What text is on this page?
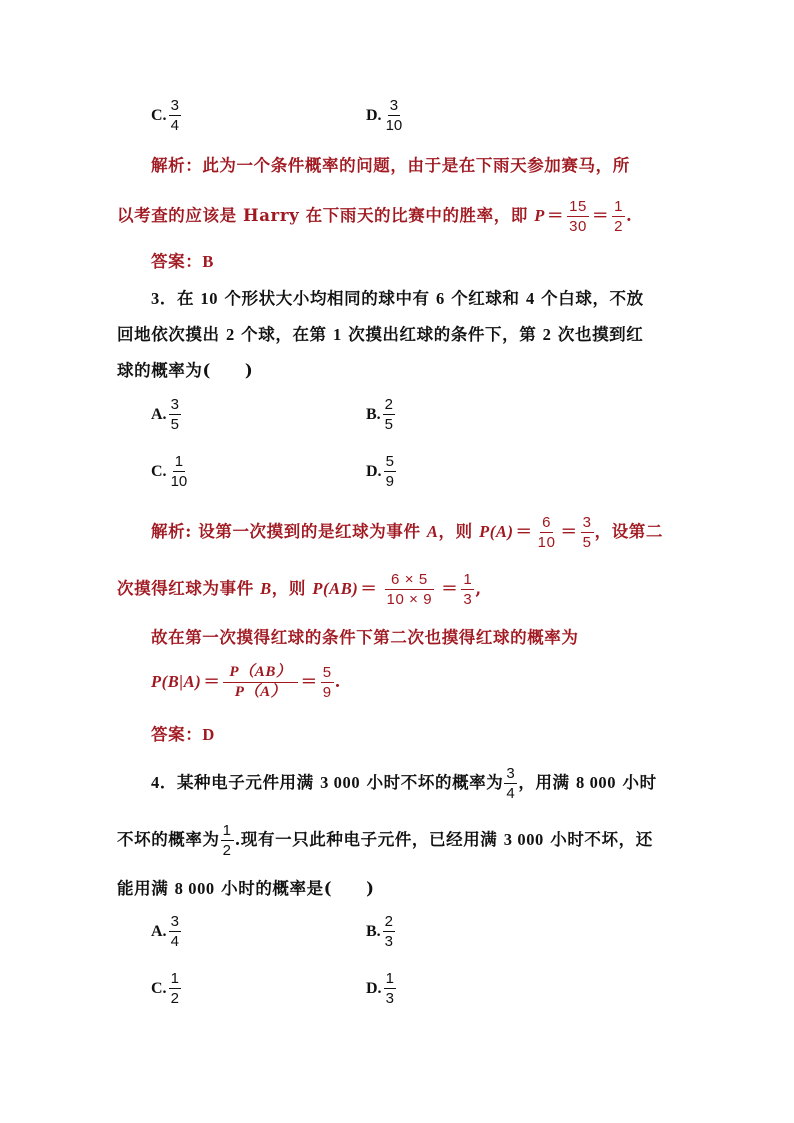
C. $\frac{3}{4}$	D. $\frac{3}{10}$
解析：此为一个条件概率的问题，由于是在下雨天参加赛马，所
以考查的应该是 Harry 在下雨天的比赛中的胜率，即 $P = \frac{15}{30} = \frac{1}{2}$ .
答案：B
3．在 10 个形状大小均相同的球中有 6 个红球和 4 个白球，不放
回地依次摸出 2 个球，在第 1 次摸出红球的条件下，第 2 次也摸到红
球的概率为( )
A. $\frac{3}{5}$	B. $\frac{2}{5}$
C. $\frac{1}{10}$	D. $\frac{5}{9}$
解析: 设第一次摸到的是红球为事件 A，则 $P(A) = \frac{6}{10} = \frac{3}{5}$ ，设第二
次摸得红球为事件 B，则 $P(AB) = \frac{6 \times 5}{10 \times 9} = \frac{1}{3}$ ,
故在第一次摸得红球的条件下第二次也摸得红球的概率为
$P(B|A) = \frac{P(AB)}{P(A)} = \frac{5}{9}$ .
答案：D
4．某种电子元件用满 3 000 小时不坏的概率为 $\frac{3}{4}$ ，用满 8 000 小时
不坏的概率为 $\frac{1}{2}$ .现有一只此种电子元件，已经用满 3 000 小时不坏，还
能用满 8 000 小时的概率是( )
A. $\frac{3}{4}$	B. $\frac{2}{3}$
C. $\frac{1}{2}$	D. $\frac{1}{3}$
